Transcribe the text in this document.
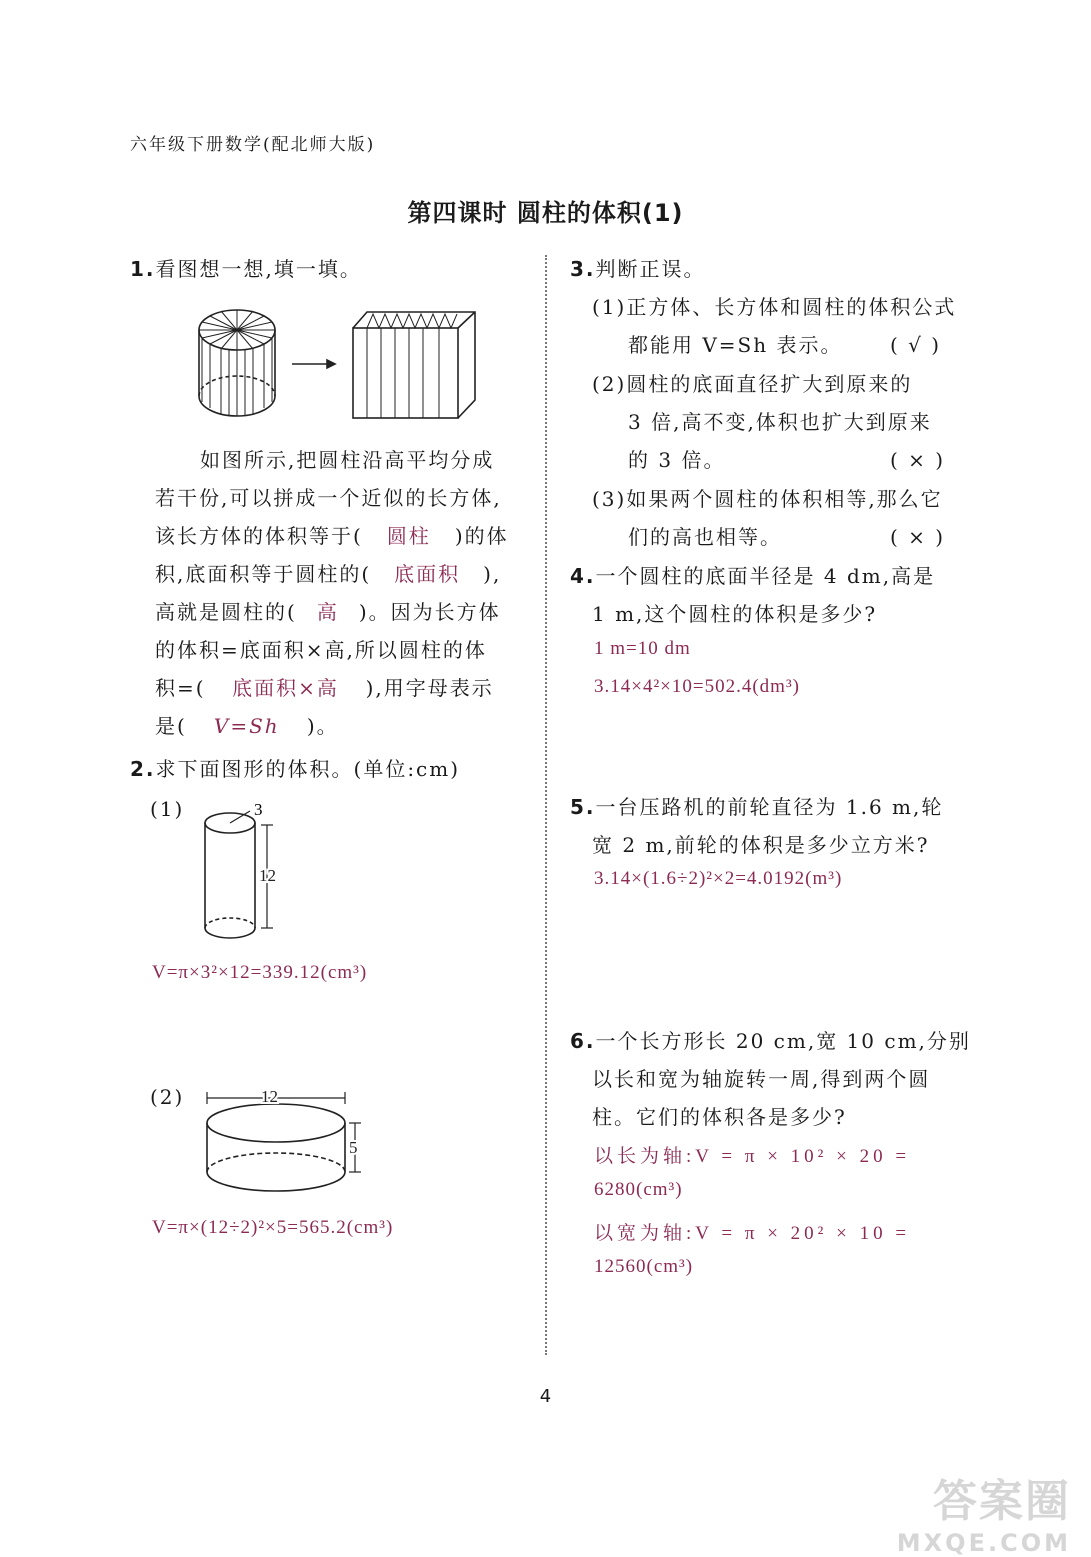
六年级下册数学(配北师大版)
第四课时 圆柱的体积(1)
1.看图想一想,填一填。
如图所示,把圆柱沿高平均分成
若干份,可以拼成一个近似的长方体,
该长方体的体积等于( 圆柱 )的体
积,底面积等于圆柱的( 底面积 ),
高就是圆柱的( 高 )。因为长方体
的体积=底面积×高,所以圆柱的体
积=( 底面积×高 ),用字母表示
是( V=Sh )。
2.求下面图形的体积。(单位:cm)
(1)	3
12
V=π×3²×12=339.12(cm³)
(2)	12
5
V=π×(12÷2)²×5=565.2(cm³)
3.判断正误。
(1)正方体、长方体和圆柱的体积公式
都能用 V=Sh 表示。 ( √ )
(2)圆柱的底面直径扩大到原来的
3 倍,高不变,体积也扩大到原来
的 3 倍。	( × )
(3)如果两个圆柱的体积相等,那么它
们的高也相等。	( × )
4.一个圆柱的底面半径是 4 dm,高是
1 m,这个圆柱的体积是多少?
1 m=10 dm
3.14×4²×10=502.4(dm³)
5.一台压路机的前轮直径为 1.6 m,轮
宽 2 m,前轮的体积是多少立方米?
3.14×(1.6÷2)²×2=4.0192(m³)
6.一个长方形长 20 cm,宽 10 cm,分别
以长和宽为轴旋转一周,得到两个圆
柱。它们的体积各是多少?
以长为轴:V = π × 10² × 20 =
6280(cm³)
以宽为轴:V = π × 20² × 10 =
12560(cm³)
4
答案圈
MXQE.COM
